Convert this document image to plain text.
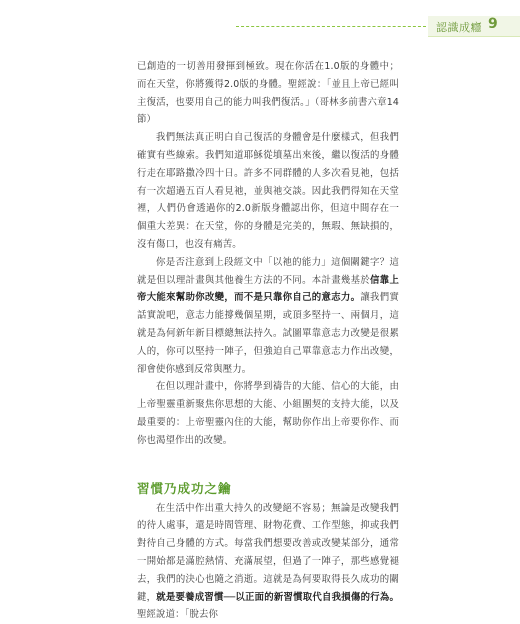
認識成癮 9

已創造的一切善用發揮到極致。現在你活在1.0版的身體中；而在天堂，你將獲得2.0版的身體。聖經說：「並且上帝已經叫主復活，也要用自己的能力叫我們復活。」（哥林多前書六章14節）

我們無法真正明白自己復活的身體會是什麼樣式，但我們確實有些線索。我們知道耶穌從墳墓出來後，繼以復活的身體行走在耶路撒冷四十日。許多不同群體的人多次看見祂，包括有一次超過五百人看見祂，並與祂交談。因此我們得知在天堂裡，人們仍會透過你的2.0新版身體認出你，但這中間存在一個重大差異：在天堂，你的身體是完美的，無瑕、無缺損的，沒有傷口，也沒有痛苦。

你是否注意到上段經文中「以祂的能力」這個關鍵字？這就是但以理計畫與其他養生方法的不同。本計畫幾基於信靠上帝大能來幫助你改變，而不是只靠你自己的意志力。讓我們實話實說吧，意志力能撐幾個星期，或頂多堅持一、兩個月，這就是為何新年新目標總無法持久。試圖單靠意志力改變是很累人的，你可以堅持一陣子，但強迫自己單靠意志力作出改變，卻會使你感到反常與壓力。

在但以理計畫中，你將學到禱告的大能、信心的大能，由上帝聖靈重新聚焦你思想的大能、小組團契的支持大能，以及最重要的：上帝聖靈內住的大能，幫助你作出上帝要你作、而你也渴望作出的改變。

習慣乃成功之鑰

在生活中作出重大持久的改變絕不容易；無論是改變我們的待人處事，還是時間管理、財物花費、工作型態，抑或我們對待自己身體的方式。每當我們想要改善或改變某部分，通常一開始都是滿腔熱情、充滿展望，但過了一陣子，那些感覺褪去，我們的決心也隨之消逝。這就是為何要取得長久成功的關鍵，就是要養成習慣──以正面的新習慣取代自我損傷的行為。聖經說道：「脫去你
